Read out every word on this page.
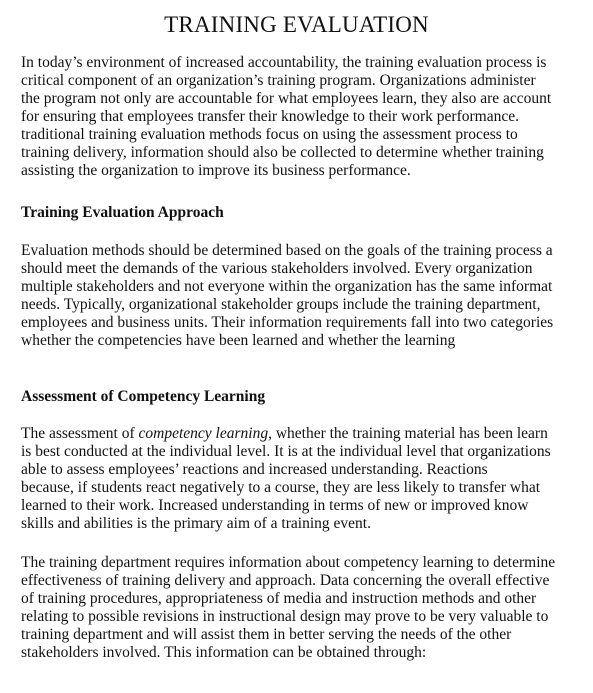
TRAINING EVALUATION
In today’s environment of increased accountability, the training evaluation process is
critical component of an organization’s training program. Organizations administer
the program not only are accountable for what employees learn, they also are account
for ensuring that employees transfer their knowledge to their work performance.
traditional training evaluation methods focus on using the assessment process to
training delivery, information should also be collected to determine whether training
assisting the organization to improve its business performance.
Training Evaluation Approach
Evaluation methods should be determined based on the goals of the training process a
should meet the demands of the various stakeholders involved. Every organization
multiple stakeholders and not everyone within the organization has the same informat
needs. Typically, organizational stakeholder groups include the training department,
employees and business units. Their information requirements fall into two categories
whether the competencies have been learned and whether the learning
Assessment of Competency Learning
The assessment of competency learning, whether the training material has been learn
is best conducted at the individual level. It is at the individual level that organizations
able to assess employees’ reactions and increased understanding. Reactions
because, if students react negatively to a course, they are less likely to transfer what
learned to their work. Increased understanding in terms of new or improved know
skills and abilities is the primary aim of a training event.
The training department requires information about competency learning to determine
effectiveness of training delivery and approach. Data concerning the overall effective
of training procedures, appropriateness of media and instruction methods and other
relating to possible revisions in instructional design may prove to be very valuable to
training department and will assist them in better serving the needs of the other
stakeholders involved. This information can be obtained through:
